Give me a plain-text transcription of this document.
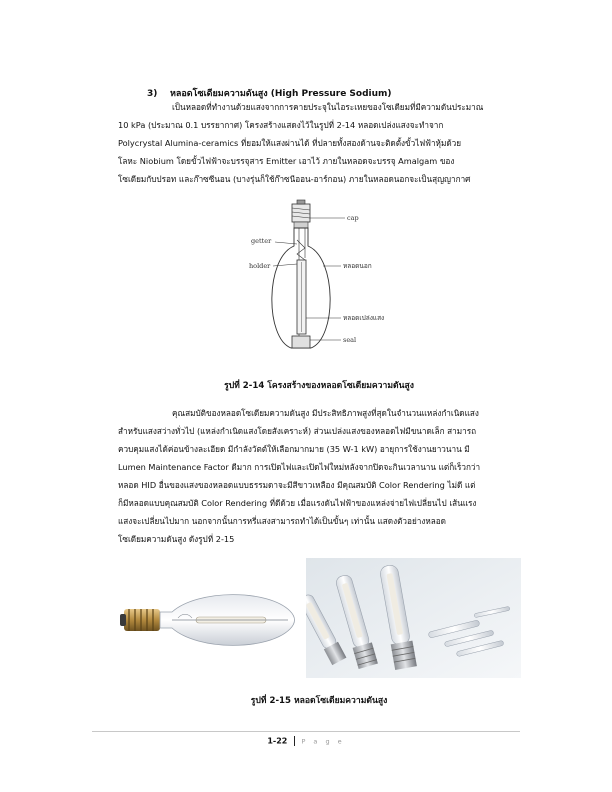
3) หลอดโซเดียมความดันสูง (High Pressure Sodium)
เป็นหลอดที่ทำงานด้วยแสงจากการคายประจุในไอระเหยของโซเดียมที่มีความดันประมาณ
10 kPa (ประมาณ 0.1 บรรยากาศ) โครงสร้างแสดงไว้ในรูปที่ 2-14 หลอดเปล่งแสงจะทำจาก
Polycrystal Alumina-ceramics ที่ยอมให้แสงผ่านได้ ที่ปลายทั้งสองด้านจะติดตั้งขั้วไฟฟ้าหุ้มด้วย
โลหะ Niobium โดยขั้วไฟฟ้าจะบรรจุสาร Emitter เอาไว้ ภายในหลอดจะบรรจุ Amalgam ของ
โซเดียมกับปรอท และก๊าซซีนอน (บางรุ่นก็ใช้ก๊าซนีออน-อาร์กอน) ภายในหลอดนอกจะเป็นสุญญากาศ
cap
getter
holder	หลอดนอก
หลอดเปล่งแสง
seal
รูปที่ 2-14 โครงสร้างของหลอดโซเดียมความดันสูง
คุณสมบัติของหลอดโซเดียมความดันสูง มีประสิทธิภาพสูงที่สุดในจำนวนแหล่งกำเนิดแสง
สำหรับแสงสว่างทั่วไป (แหล่งกำเนิดแสงโดยสังเคราะห์) ส่วนเปล่งแสงของหลอดไฟมีขนาดเล็ก สามารถ
ควบคุมแสงได้ค่อนข้างละเอียด มีกำลังวัตต์ให้เลือกมากมาย (35 W-1 kW) อายุการใช้งานยาวนาน มี
Lumen Maintenance Factor ดีมาก การเปิดไฟและเปิดไฟใหม่หลังจากปิดจะกินเวลานาน แต่ก็เร็วกว่า
หลอด HID อื่นของแสงของหลอดแบบธรรมดาจะมีสีขาวเหลือง มีคุณสมบัติ Color Rendering ไม่ดี แต่
ก็มีหลอดแบบคุณสมบัติ Color Rendering ที่ดีด้วย เมื่อแรงดันไฟฟ้าของแหล่งจ่ายไฟเปลี่ยนไป เส้นแรง
แสงจะเปลี่ยนไปมาก นอกจากนั้นการหรี่แสงสามารถทำได้เป็นขั้นๆ เท่านั้น แสดงตัวอย่างหลอด
โซเดียมความดันสูง ดังรูปที่ 2-15
รูปที่ 2-15 หลอดโซเดียมความดันสูง
1-22 P a g e
